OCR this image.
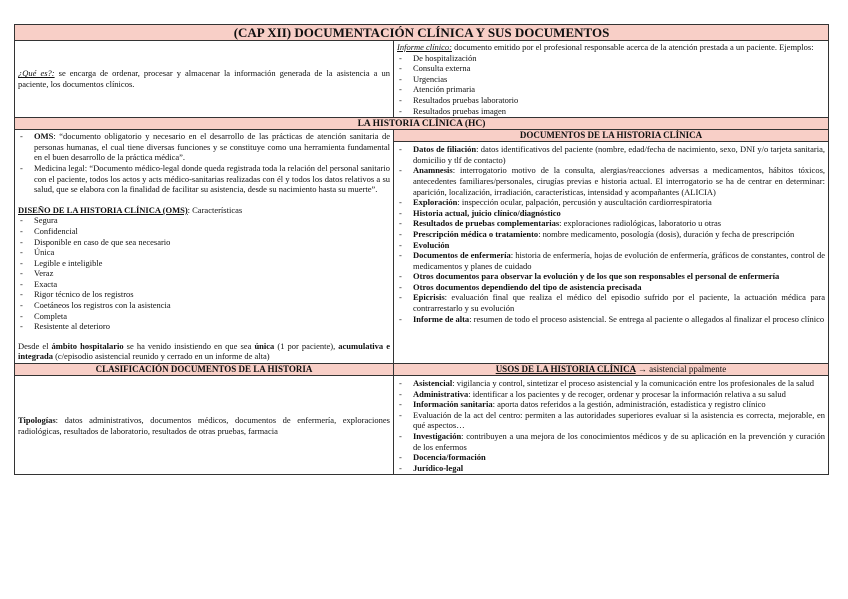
(CAP XII) DOCUMENTACIÓN CLÍNICA Y SUS DOCUMENTOS
¿Qué es?: se encarga de ordenar, procesar y almacenar la información generada de la asistencia a un paciente, los documentos clínicos.
Informe clínico: documento emitido por el profesional responsable acerca de la atención prestada a un paciente. Ejemplos:
- De hospitalización
- Consulta externa
- Urgencias
- Atención primaria
- Resultados pruebas laboratorio
- Resultados pruebas imagen
LA HISTORIA CLÍNICA (HC)
- OMS: “documento obligatorio y necesario en el desarrollo de las prácticas de atención sanitaria de personas humanas, el cual tiene diversas funciones y se constituye como una herramienta fundamental en el buen desarrollo de la práctica médica”.
- Medicina legal: “Documento médico-legal donde queda registrada toda la relación del personal sanitario con el paciente, todos los actos y acts médico-sanitarias realizadas con él y todos los datos relativos a su salud, que se elabora con la finalidad de facilitar su asistencia, desde su nacimiento hasta su muerte”.
DISEÑO DE LA HISTORIA CLÍNICA (OMS): Características
- Segura
- Confidencial
- Disponible en caso de que sea necesario
- Única
- Legible e inteligible
- Veraz
- Exacta
- Rigor técnico de los registros
- Coetáneos los registros con la asistencia
- Completa
- Resistente al deterioro
Desde el ámbito hospitalario se ha venido insistiendo en que sea única (1 por paciente), acumulativa e integrada (c/episodio asistencial reunido y cerrado en un informe de alta)
DOCUMENTOS DE LA HISTORIA CLÍNICA
- Datos de filiación: datos identificativos del paciente (nombre, edad/fecha de nacimiento, sexo, DNI y/o tarjeta sanitaria, domicilio y tlf de contacto)
- Anamnesis: interrogatorio motivo de la consulta, alergias/reacciones adversas a medicamentos, hábitos tóxicos, antecedentes familiares/personales, cirugías previas e historia actual. El interrogatorio se ha de centrar en determinar: aparición, localización, irradiación, características, intensidad y acompañantes (ALICIA)
- Exploración: inspección ocular, palpación, percusión y auscultación cardiorrespiratoria
- Historia actual, juicio clínico/diagnóstico
- Resultados de pruebas complementarias: exploraciones radiológicas, laboratorio u otras
- Prescripción médica o tratamiento: nombre medicamento, posología (dosis), duración y fecha de prescripción
- Evolución
- Documentos de enfermería: historia de enfermería, hojas de evolución de enfermería, gráficos de constantes, control de medicamentos y planes de cuidado
- Otros documentos para observar la evolución y de los que son responsables el personal de enfermería
- Otros documentos dependiendo del tipo de asistencia precisada
- Epicrisis: evaluación final que realiza el médico del episodio sufrido por el paciente, la actuación médica para contrarrestarlo y su evolución
- Informe de alta: resumen de todo el proceso asistencial. Se entrega al paciente o allegados al finalizar el proceso clínico
CLASIFICACIÓN DOCUMENTOS DE LA HISTORIA
Tipologías: datos administrativos, documentos médicos, documentos de enfermería, exploraciones radiológicas, resultados de laboratorio, resultados de otras pruebas, farmacia
USOS DE LA HISTORIA CLÍNICA → asistencial ppalmente
- Asistencial: vigilancia y control, sintetizar el proceso asistencial y la comunicación entre los profesionales de la salud
- Administrativa: identificar a los pacientes y de recoger, ordenar y procesar la información relativa a su salud
- Información sanitaria: aporta datos referidos a la gestión, administración, estadística y registro clínico
- Evaluación de la act del centro: permiten a las autoridades superiores evaluar si la asistencia es correcta, mejorable, en qué aspectos…
- Investigación: contribuyen a una mejora de los conocimientos médicos y de su aplicación en la prevención y curación de los enfermos
- Docencia/formación
- Jurídico-legal
